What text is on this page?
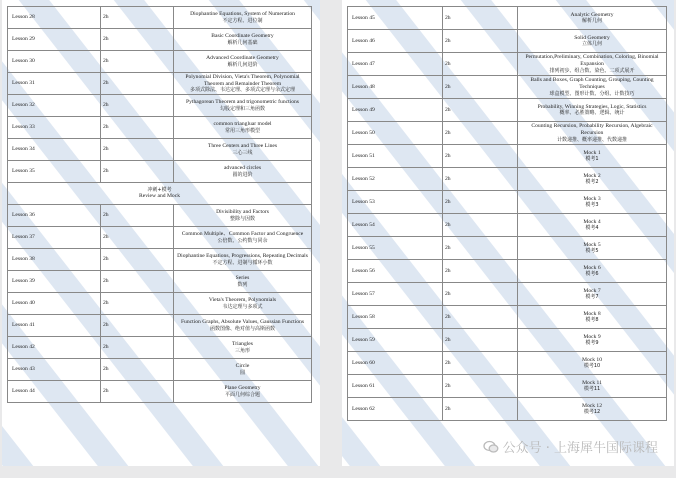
Lesson 28	2h	Diophantine Equations, System of Numeration
不定方程、进位制

Lesson 29	2h	Basic Coordinate Geometry
解析几何基础

Lesson 30	2h	Advanced Coordinate Geometry
解析几何进阶

Lesson 31	2h	Polynomial Division, Vieta's Theorem, Polynomial Theorem and Remainder Theorem
多项式除法、韦达定理、多项式定理与余式定理

Lesson 32	2h	Pythagorean Theorem and trigonometric functions
勾股定理和三角函数

Lesson 33	2h	common triangluar model
常用三角形模型

Lesson 34	2h	Three Centers and Three Lines
三心三线

Lesson 35	2h	advanced circles
圆的进阶

冲刺+模考
Review and Mock		

Lesson 36	2h	Divisibility and Factors
整除与因数

Lesson 37	2h	Common Multiple、Common Factor and Congruence
公倍数、公约数与同余

Lesson 38	2h	Diophantine Equations, Progressions, Repeating Decimals
不定方程、进制与循环小数

Lesson 39	2h	Series
数列

Lesson 40	2h	Vieta's Theorem, Polynomials
韦达定理与多项式

Lesson 41	2h	Function Graphs, Absolute Values, Gaussian Functions
函数图像、绝对值与高斯函数

Lesson 42	2h	Triangles
三角形

Lesson 43	2h	Circle
圆

Lesson 44	2h	Plane Geometry
平面几何综合题
Lesson 45	2h	Analytic Geometry
解析几何

Lesson 46	2h	Solid Geometry
立体几何

Lesson 47	2h	Permutation,Preliminary, Combination, Coloring, Binomial Expansion
排列初步、组合数、染色、二项式展开

Lesson 48	2h	Balls and Boxes, Graph Counting, Grouping, Counting Techniques
球盒模型、图形计数、分组、计数技巧

Lesson 49	2h	Probability, Winning Strategies, Logic, Statistics
概率、必胜策略、逻辑、统计

Lesson 50	2h	Counting Recursion, Probability Recursion, Algebraic Recursion
计数递推、概率递推、代数递推

Lesson 51	2h	Mock 1
模考1

Lesson 52	2h	Mock 2
模考2

Lesson 53	2h	Mock 3
模考3

Lesson 54	2h	Mock 4
模考4

Lesson 55	2h	Mock 5
模考5

Lesson 56	2h	Mock 6
模考6

Lesson 57	2h	Mock 7
模考7

Lesson 58	2h	Mock 8
模考8

Lesson 59	2h	Mock 9
模考9

Lesson 60	2h	Mock 10
模考10

Lesson 61	2h	Mock 11
模考11

Lesson 62	2h	Mock 12
模考12
公众号 · 上海犀牛国际课程
